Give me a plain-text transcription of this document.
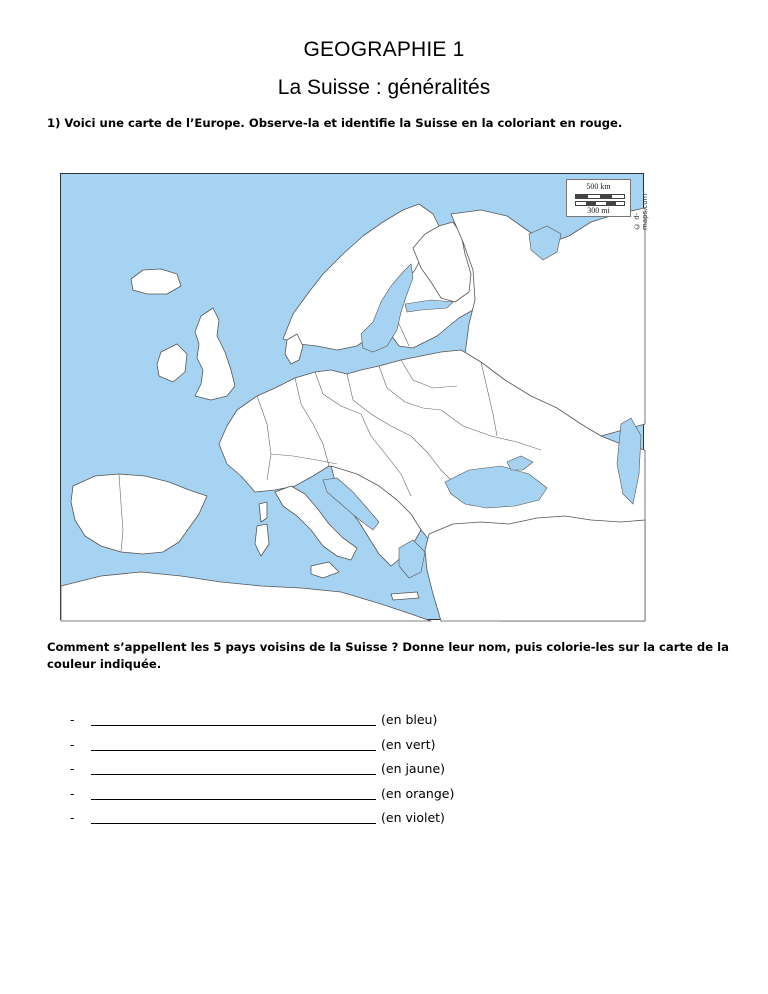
GEOGRAPHIE 1
La Suisse : généralités
1) Voici une carte de l’Europe. Observe-la et identifie la Suisse en la coloriant en rouge.
500 km
300 mi
© d-maps.com
Comment s’appellent les 5 pays voisins de la Suisse ? Donne leur nom, puis colorie-les sur la carte de la couleur indiquée.
-	(en bleu)
-	(en vert)
-	(en jaune)
-	(en orange)
-	(en violet)
